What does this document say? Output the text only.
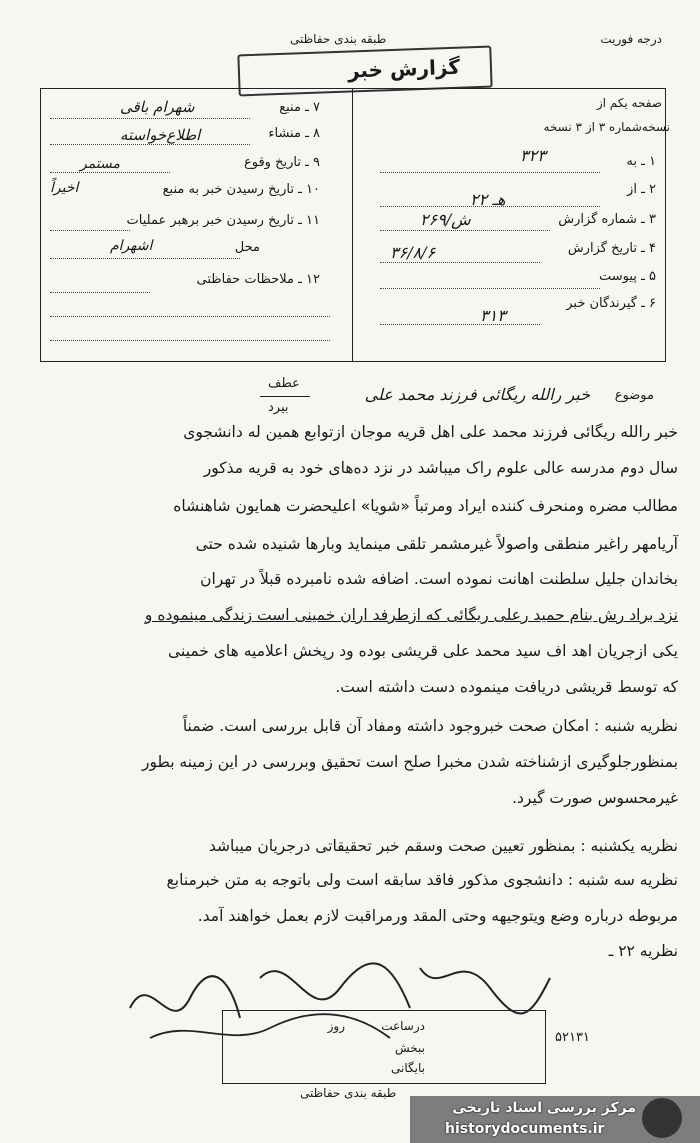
درجه فوریت
طبقه بندی حفاظتی
گزارش خبر
صفحه یکم از
نسخه‌شماره ۳ از ۳ نسخه
۱ ـ به
۳۲۳
۲ ـ از
۲۲ هـ
۳ ـ شماره گزارش
۲۶۹/ش
۴ ـ تاریخ گزارش
۳۶/۸/۶
۵ ـ پیوست
۶ ـ گیرندگان خبر
۳۱۳
۷ ـ منبع
شهرام باقی
۸ ـ منشاء
اطلاع‌خواسته
۹ ـ تاریخ وقوع
مستمر
۱۰ ـ تاریخ رسیدن خبر به منبع
اخیراً
۱۱ ـ تاریخ رسیدن خبر برهبر عملیات
محل
اشهرام
۱۲ ـ ملاحظات حفاظتی
عطف
بیرد
موضوع
خبر رالله ریگائی فرزند محمد علی
خبر رالله ریگائی فرزند محمد علی اهل قریه موجان ازتوابع همین له دانشجوی
سال دوم مدرسه عالی علوم راک میباشد در نزد ده‌های خود به قریه مذکور
مطالب مضره ومنحرف کننده ایراد ومرتباً «شویا» اعلیحضرت همایون شاهنشاه
آریامهر راغیر منطقی واصولاً غیرمشمر تلقی مینماید وبارها شنیده شده حتی
بخاندان جلیل سلطنت اهانت نموده است. اضافه شده نامبرده قبلاً در تهران
نزد براد رش بنام حمید رعلی ریگائی که ازطرفد اران خمینی است زندگی مینموده و
یکی ازجریان اهد اف سید محمد علی قریشی بوده ود رپخش اعلامیه های خمینی
که توسط قریشی دریافت مینموده دست داشته است.
نظریه شنبه : امکان صحت خبروجود داشته ومفاد آن قابل بررسی است. ضمناً
بمنظورجلوگیری ازشناخته شدن مخبرا صلح است تحقیق وبررسی در این زمینه بطور
غیرمحسوس صورت گیرد.
نظریه یکشنبه : بمنظور تعیین صحت وسقم خبر تحقیقاتی درجریان میباشد
نظریه سه شنبه : دانشجوی مذکور فاقد سابقه است ولی باتوجه به متن خبرمنابع
مربوطه درباره وضع ویتوجیهه وحتی المقد ورمراقبت لازم بعمل خواهند آمد.
نظریه ۲۲ ـ
درساعت
روز
ببخش
بایگانی
طبقه بندی حفاظتی
۵۲۱۳۱
مرکز بررسی اسناد تاریخی
historydocuments.ir
